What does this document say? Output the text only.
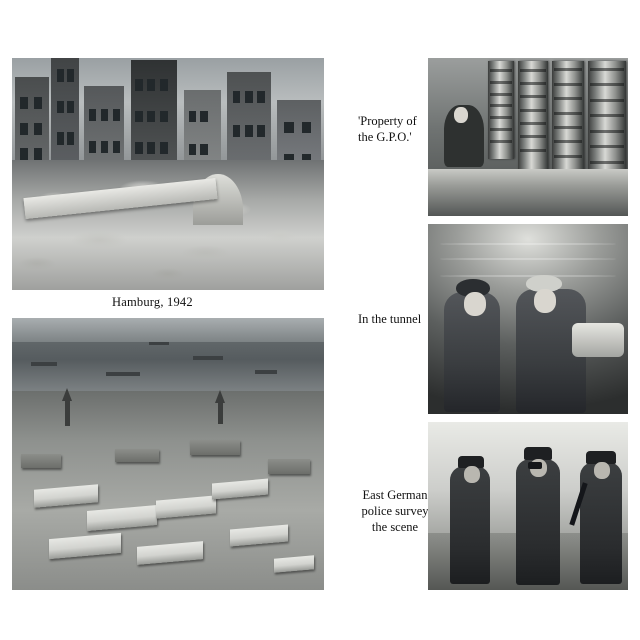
Hamburg, 1942
'Property of
the G.P.O.'
In the tunnel
East German
police survey
the scene
